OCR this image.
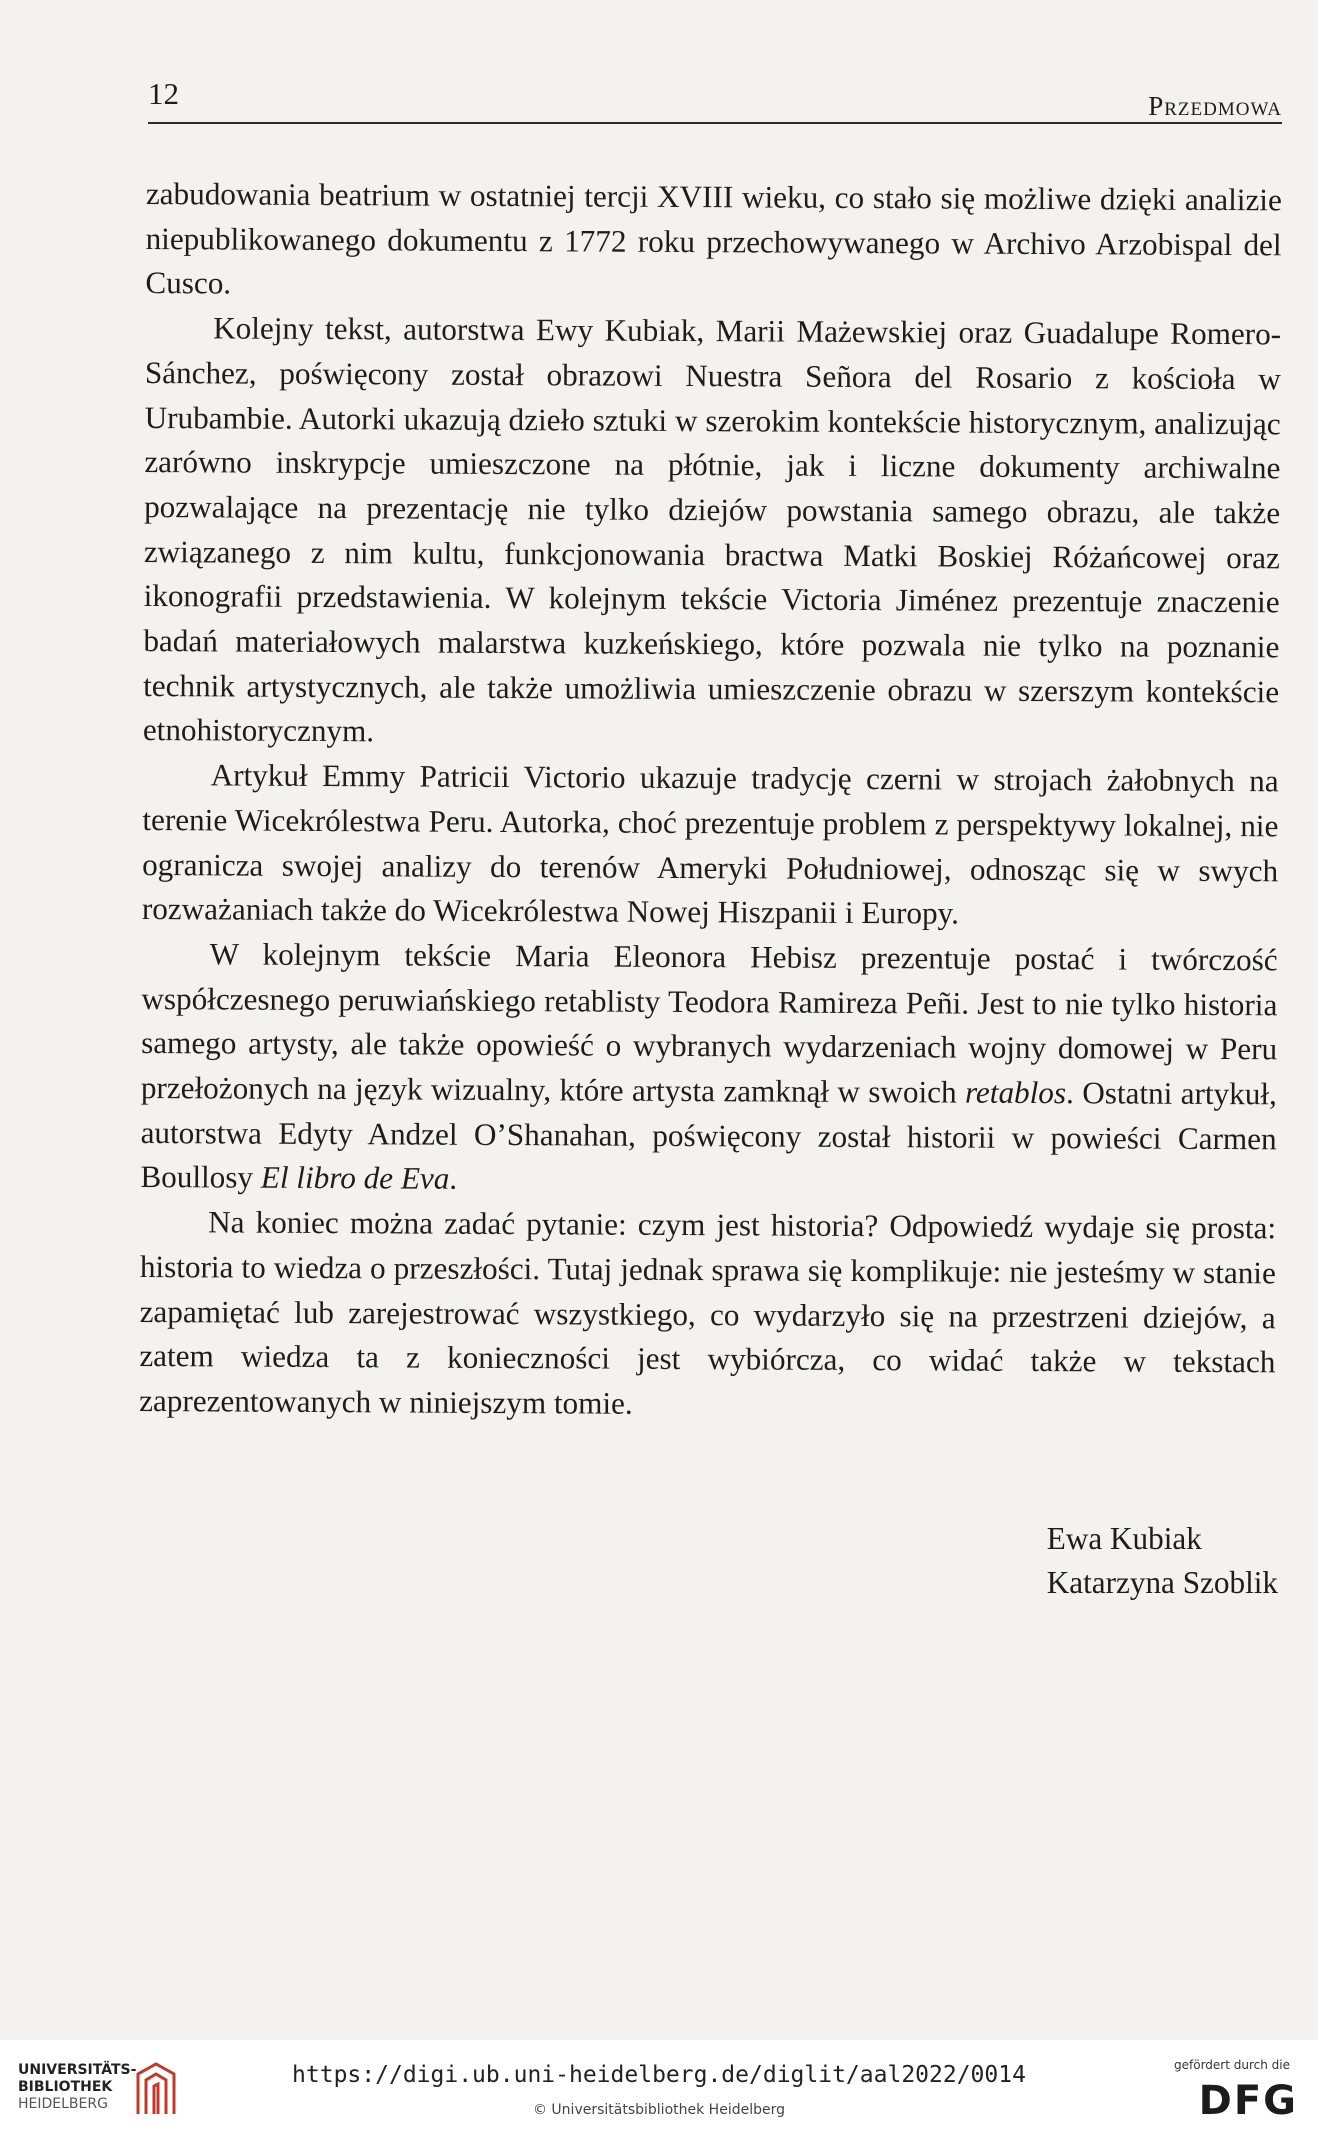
12	Przedmowa

zabudowania beatrium w ostatniej tercji XVIII wieku, co stało się możliwe dzięki analizie niepublikowanego dokumentu z 1772 roku przechowywanego w Archivo Arzobispal del Cusco.

Kolejny tekst, autorstwa Ewy Kubiak, Marii Mażewskiej oraz Guadalupe Romero-Sánchez, poświęcony został obrazowi Nuestra Señora del Rosario z kościoła w Urubambie. Autorki ukazują dzieło sztuki w szerokim kontekście historycznym, analizując zarówno inskrypcje umieszczone na płótnie, jak i liczne dokumenty archiwalne pozwalające na prezentację nie tylko dziejów powstania samego obrazu, ale także związanego z nim kultu, funkcjonowania bractwa Matki Boskiej Różańcowej oraz ikonografii przedstawienia. W kolejnym tekście Victoria Jiménez prezentuje znaczenie badań materiałowych malarstwa kuzkeńskiego, które pozwala nie tylko na poznanie technik artystycznych, ale także umożliwia umieszczenie obrazu w szerszym kontekście etnohistorycznym.

Artykuł Emmy Patricii Victorio ukazuje tradycję czerni w strojach żałobnych na terenie Wicekrólestwa Peru. Autorka, choć prezentuje problem z perspektywy lokalnej, nie ogranicza swojej analizy do terenów Ameryki Południowej, odnosząc się w swych rozważaniach także do Wicekrólestwa Nowej Hiszpanii i Europy.

W kolejnym tekście Maria Eleonora Hebisz prezentuje postać i twórczość współczesnego peruwiańskiego retablisty Teodora Ramireza Peñi. Jest to nie tylko historia samego artysty, ale także opowieść o wybranych wydarzeniach wojny domowej w Peru przełożonych na język wizualny, które artysta zamknął w swoich retablos. Ostatni artykuł, autorstwa Edyty Andzel O’Shanahan, poświęcony został historii w powieści Carmen Boullosy El libro de Eva.

Na koniec można zadać pytanie: czym jest historia? Odpowiedź wydaje się prosta: historia to wiedza o przeszłości. Tutaj jednak sprawa się komplikuje: nie jesteśmy w stanie zapamiętać lub zarejestrować wszystkiego, co wydarzyło się na przestrzeni dziejów, a zatem wiedza ta z konieczności jest wybiórcza, co widać także w tekstach zaprezentowanych w niniejszym tomie.

Ewa Kubiak
Katarzyna Szoblik
UNIVERSITÄTS-
BIBLIOTHEK
HEIDELBERG
https://digi.ub.uni-heidelberg.de/diglit/aal2022/0014
© Universitätsbibliothek Heidelberg
gefördert durch die
DFG
